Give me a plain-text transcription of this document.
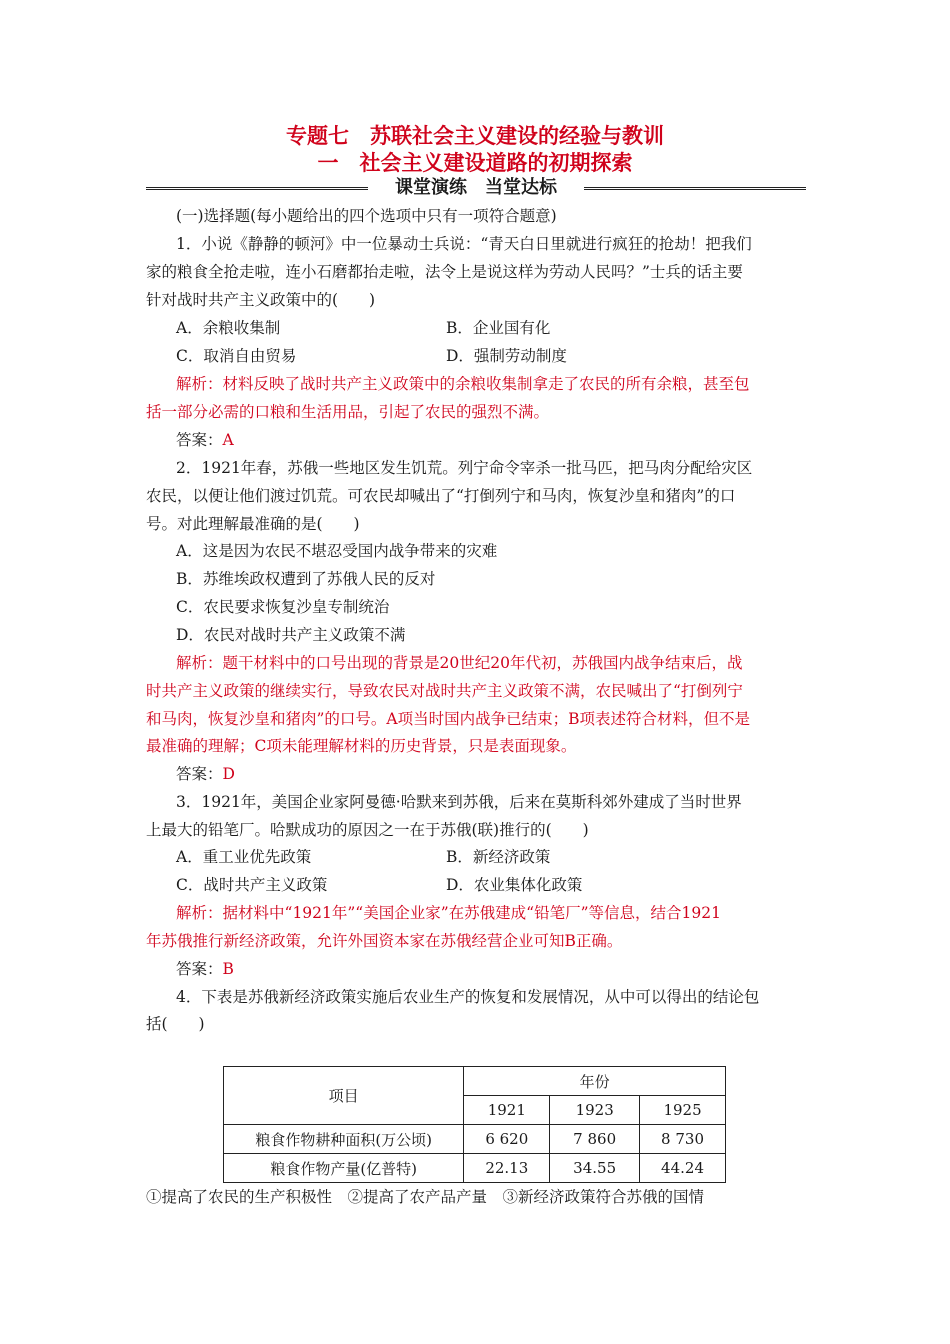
专题七　苏联社会主义建设的经验与教训
一　社会主义建设道路的初期探索
课堂演练　当堂达标
(一)选择题(每小题给出的四个选项中只有一项符合题意)
1．小说《静静的顿河》中一位暴动士兵说：“青天白日里就进行疯狂的抢劫！把我们
家的粮食全抢走啦，连小石磨都抬走啦，法令上是说这样为劳动人民吗？”士兵的话主要
针对战时共产主义政策中的(　　)
A．余粮收集制	B．企业国有化
C．取消自由贸易	D．强制劳动制度
解析：材料反映了战时共产主义政策中的余粮收集制拿走了农民的所有余粮，甚至包
括一部分必需的口粮和生活用品，引起了农民的强烈不满。
答案：A
2．1921年春，苏俄一些地区发生饥荒。列宁命令宰杀一批马匹，把马肉分配给灾区
农民，以便让他们渡过饥荒。可农民却喊出了“打倒列宁和马肉，恢复沙皇和猪肉”的口
号。对此理解最准确的是(　　)
A．这是因为农民不堪忍受国内战争带来的灾难
B．苏维埃政权遭到了苏俄人民的反对
C．农民要求恢复沙皇专制统治
D．农民对战时共产主义政策不满
解析：题干材料中的口号出现的背景是20世纪20年代初，苏俄国内战争结束后，战
时共产主义政策的继续实行，导致农民对战时共产主义政策不满，农民喊出了“打倒列宁
和马肉，恢复沙皇和猪肉”的口号。A项当时国内战争已结束；B项表述符合材料，但不是
最准确的理解；C项未能理解材料的历史背景，只是表面现象。
答案：D
3．1921年，美国企业家阿曼德·哈默来到苏俄，后来在莫斯科郊外建成了当时世界
上最大的铅笔厂。哈默成功的原因之一在于苏俄(联)推行的(　　)
A．重工业优先政策	B．新经济政策
C．战时共产主义政策	D．农业集体化政策
解析：据材料中“1921年”“美国企业家”在苏俄建成“铅笔厂”等信息，结合1921
年苏俄推行新经济政策，允许外国资本家在苏俄经营企业可知B正确。
答案：B
4．下表是苏俄新经济政策实施后农业生产的恢复和发展情况，从中可以得出的结论包
括(　　)
项目	年份		
	1921	1923	1925
粮食作物耕种面积(万公顷)	6 620	7 860	8 730
粮食作物产量(亿普特)	22.13	34.55	44.24
①提高了农民的生产积极性　②提高了农产品产量　③新经济政策符合苏俄的国情
